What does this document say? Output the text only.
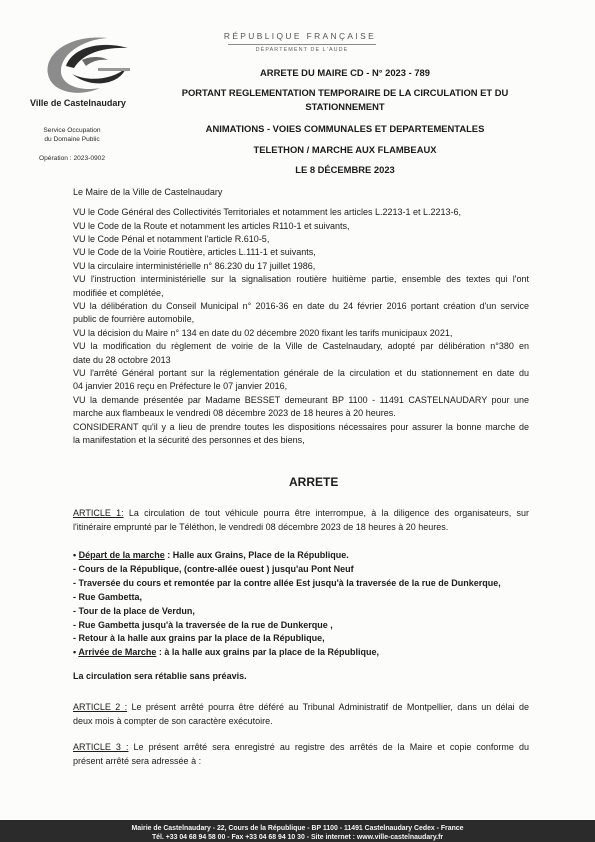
Ville de Castelnaudary
Service Occupation
du Domaine Public
Opération : 2023-0902
RÉPUBLIQUE FRANÇAISE
DÉPARTEMENT DE L'AUDE
ARRETE DU MAIRE CD - N° 2023 - 789
PORTANT REGLEMENTATION TEMPORAIRE DE LA CIRCULATION ET DU
STATIONNEMENT
ANIMATIONS - VOIES COMMUNALES ET DEPARTEMENTALES
TELETHON / MARCHE AUX FLAMBEAUX
LE 8 DÉCEMBRE 2023
Le Maire de la Ville de Castelnaudary
VU le Code Général des Collectivités Territoriales et notamment les articles L.2213-1 et L.2213-6,
VU le Code de la Route et notamment les articles R110-1 et suivants,
VU le Code Pénal et notamment l'article R.610-5,
VU le Code de la Voirie Routière, articles L.111-1 et suivants,
VU la circulaire interministérielle n° 86.230 du 17 juillet 1986,
VU l'instruction interministérielle sur la signalisation routière huitième partie, ensemble des textes qui l'ont
modifiée et complétée,
VU la délibération du Conseil Municipal n° 2016-36 en date du 24 février 2016 portant création d'un service
public de fourrière automobile,
VU la décision du Maire n° 134 en date du 02 décembre 2020 fixant les tarifs municipaux 2021,
VU la modification du règlement de voirie de la Ville de Castelnaudary, adopté par délibération n°380 en
date du 28 octobre 2013
VU l'arrêté Général portant sur la réglementation générale de la circulation et du stationnement en date du
04 janvier 2016 reçu en Préfecture le 07 janvier 2016,
VU la demande présentée par Madame BESSET demeurant BP 1100 - 11491 CASTELNAUDARY pour une
marche aux flambeaux le vendredi 08 décembre 2023 de 18 heures à 20 heures.
CONSIDERANT qu'il y a lieu de prendre toutes les dispositions nécessaires pour assurer la bonne marche de
la manifestation et la sécurité des personnes et des biens,
ARRETE
ARTICLE 1: La circulation de tout véhicule pourra être interrompue, à la diligence des organisateurs, sur
l'itinéraire emprunté par le Téléthon, le vendredi 08 décembre 2023 de 18 heures à 20 heures.
• Départ de la marche : Halle aux Grains, Place de la République.
- Cours de la République, (contre-allée ouest ) jusqu'au Pont Neuf
- Traversée du cours et remontée par la contre allée Est jusqu'à la traversée de la rue de Dunkerque,
- Rue Gambetta,
- Tour de la place de Verdun,
- Rue Gambetta jusqu'à la traversée de la rue de Dunkerque ,
- Retour à la halle aux grains par la place de la République,
• Arrivée de Marche : à la halle aux grains par la place de la République,
La circulation sera rétablie sans préavis.
ARTICLE 2 : Le présent arrêté pourra être déféré au Tribunal Administratif de Montpellier, dans un délai de
deux mois à compter de son caractère exécutoire.
ARTICLE 3 : Le présent arrêté sera enregistré au registre des arrêtés de la Maire et copie conforme du
présent arrêté sera adressée à :
Mairie de Castelnaudary - 22, Cours de la République - BP 1100 - 11491 Castelnaudary Cedex - France
Tél. +33 04 68 94 58 00 - Fax +33 04 68 94 10 30 - Site internet : www.ville-castelnaudary.fr
